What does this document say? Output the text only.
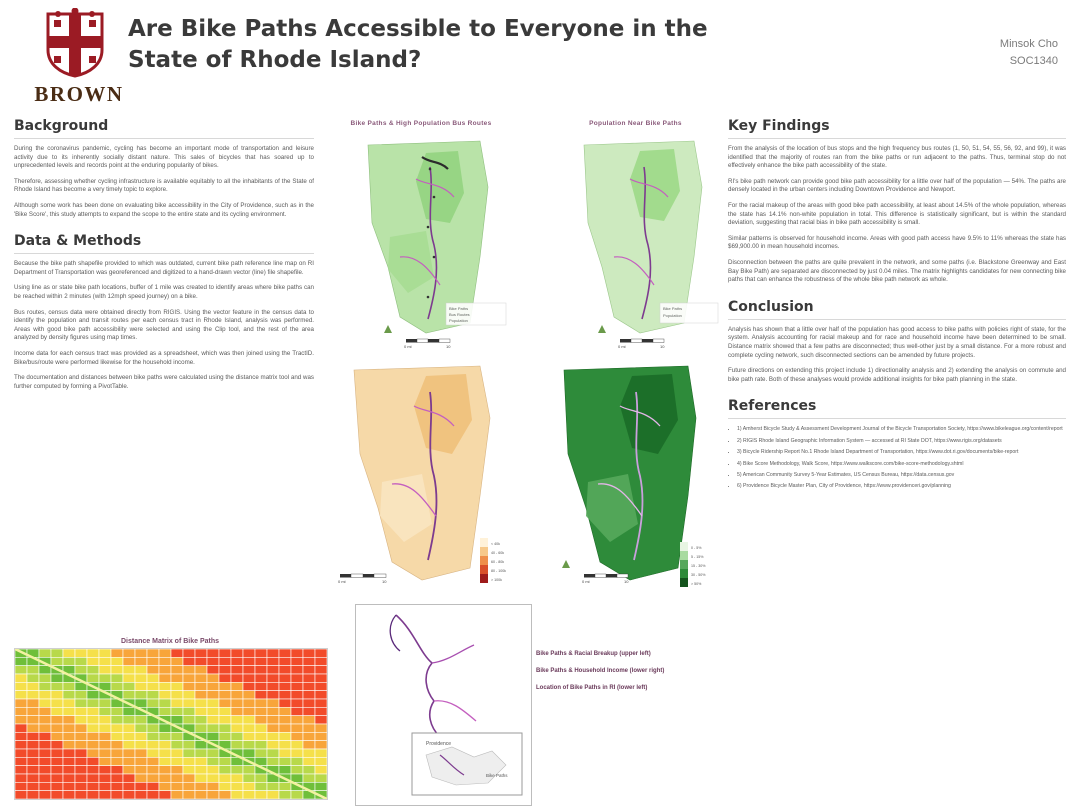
BROWN
Are Bike Paths Accessible to Everyone in the State of Rhode Island?
Minsok Cho
SOC1340
Background

During the coronavirus pandemic, cycling has become an important mode of transportation and leisure activity due to its inherently socially distant nature. This sales of bicycles that has soared up to unprecedented levels and records point at the enduring popularity of bikes.

Therefore, assessing whether cycling infrastructure is available equitably to all the inhabitants of the State of Rhode Island has become a very timely topic to explore.

Although some work has been done on evaluating bike accessibility in the City of Providence, such as in the 'Bike Score', this study attempts to expand the scope to the entire state and its cycling environment.

Data & Methods

Because the bike path shapefile provided to which was outdated, current bike path reference line map on RI Department of Transportation was georeferenced and digitized to a hand-drawn vector (line) file shapefile.

Using line as or state bike path locations, buffer of 1 mile was created to identify areas where bike paths can be reached within 2 minutes (with 12mph speed journey) on a bike.

Bus routes, census data were obtained directly from RIGIS. Using the vector feature in the census data to identify the population and transit routes per each census tract in Rhode Island, analysis was performed. Areas with good bike path accessibility were selected and using the Clip tool, and the rest of the area analyzed by density figures using map times.

Income data for each census tract was provided as a spreadsheet, which was then joined using the TractID. Bike/bus/route were performed likewise for the household income.

The documentation and distances between bike paths were calculated using the distance matrix tool and was further computed by forming a PivotTable.

Distance Matrix of Bike Paths
Bike Paths & High Population Bus Routes
Bike Paths
Bus Routes
Population
0 mi	10
Population Near Bike Paths
Bike Paths
Population
0 mi	10
< 40k
40 - 60k
60 - 80k
80 - 100k
> 100k
0 mi	10
0 - 5%
5 - 15%
15 - 30%
30 - 50%
> 50%
0 mi	10
Providence
Bike Paths
Bike Paths & Racial Breakup (upper left)
Bike Paths & Household Income (lower right)
Location of Bike Paths in RI (lower left)
Key Findings

From the analysis of the location of bus stops and the high frequency bus routes (1, 50, 51, 54, 55, 56, 92, and 99), it was identified that the majority of routes ran from the bike paths or run adjacent to the paths. Thus, terminal stop do not effectively enhance the bike path accessibility of the state.

RI's bike path network can provide good bike path accessibility for a little over half of the population — 54%. The paths are densely located in the urban centers including Downtown Providence and Newport.

For the racial makeup of the areas with good bike path accessibility, at least about 14.5% of the whole population, whereas the state has 14.1% non-white population in total. This difference is statistically significant, but is within the standard deviation, suggesting that racial bias in bike path accessibility is small.

Similar patterns is observed for household income. Areas with good path access have 9.5% to 11% whereas the state has $69,900.00 in mean household incomes.

Disconnection between the paths are quite prevalent in the network, and some paths (i.e. Blackstone Greenway and East Bay Bike Path) are separated are disconnected by just 0.04 miles. The matrix highlights candidates for new connecting bike paths that can enhance the robustness of the whole bike path network as whole.

Conclusion

Analysis has shown that a little over half of the population has good access to bike paths with policies right of state, for the system. Analysis accounting for racial makeup and for race and household income have been determined to be small. Distance matrix showed that a few paths are disconnected; thus well-other just by a small distance. For a more robust and complete cycling network, such disconnected sections can be amended by future projects.

Future directions on extending this project include 1) directionality analysis and 2) extending the analysis on commute and bike path rate. Both of these analyses would provide additional insights for bike path planning in the state.

References
• 1) Amherst Bicycle Study & Assessment Development Journal of the Bicycle Transportation Society, https://www.bikeleague.org/content/report
• 2) RIGIS Rhode Island Geographic Information System — accessed at RI State DOT, https://www.rigis.org/datasets
• 3) Bicycle Ridership Report No.1 Rhode Island Department of Transportation, https://www.dot.ri.gov/documents/bike-report
• 4) Bike Score Methodology, Walk Score, https://www.walkscore.com/bike-score-methodology.shtml
• 5) American Community Survey 5-Year Estimates, US Census Bureau, https://data.census.gov
• 6) Providence Bicycle Master Plan, City of Providence, https://www.providenceri.gov/planning
